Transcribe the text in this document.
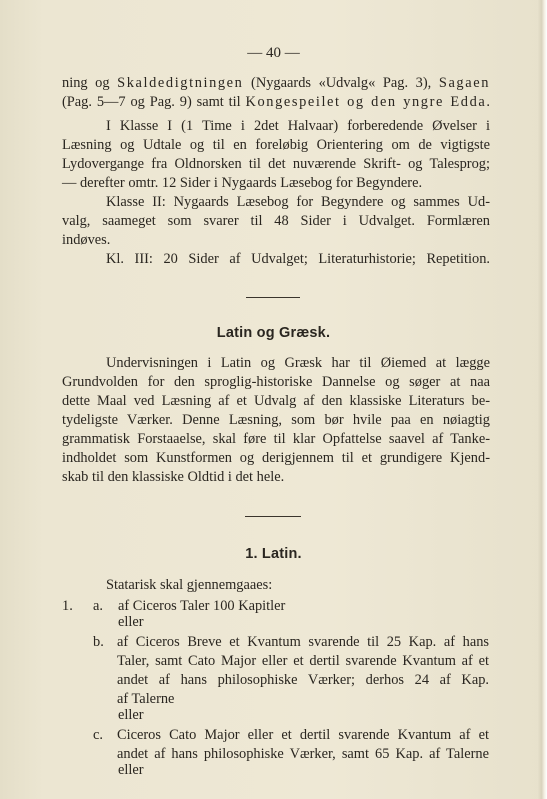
— 40 —
ning og Skaldedigtningen (Nygaards «Udvalg« Pag. 3), Sagaen
(Pag. 5—7 og Pag. 9) samt til Kongespeilet og den yngre Edda.
I Klasse I (1 Time i 2det Halvaar) forberedende Øvelser i
Læsning og Udtale og til en foreløbig Orientering om de vigtigste
Lydovergange fra Oldnorsken til det nuværende Skrift- og Talesprog;
— derefter omtr. 12 Sider i Nygaards Læsebog for Begyndere.
Klasse II: Nygaards Læsebog for Begyndere og sammes Ud-
valg, saameget som svarer til 48 Sider i Udvalget. Formlæren
indøves.
Kl. III: 20 Sider af Udvalget; Literaturhistorie; Repetition.
Latin og Græsk.
Undervisningen i Latin og Græsk har til Øiemed at lægge
Grundvolden for den sproglig-historiske Dannelse og søger at naa
dette Maal ved Læsning af et Udvalg af den klassiske Literaturs be-
tydeligste Værker. Denne Læsning, som bør hvile paa en nøiagtig
grammatisk Forstaaelse, skal føre til klar Opfattelse saavel af Tanke-
indholdet som Kunstformen og derigjennem til et grundigere Kjend-
skab til den klassiske Oldtid i det hele.
1. Latin.
Statarisk skal gjennemgaaes:
1. a. af Ciceros Taler 100 Kapitler
eller
b. af Ciceros Breve et Kvantum svarende til 25 Kap. af hans
Taler, samt Cato Major eller et dertil svarende Kvantum af et
andet af hans philosophiske Værker; derhos 24 af Kap.
af Talerne
eller
c. Ciceros Cato Major eller et dertil svarende Kvantum af et
andet af hans philosophiske Værker, samt 65 Kap. af Talerne
eller
